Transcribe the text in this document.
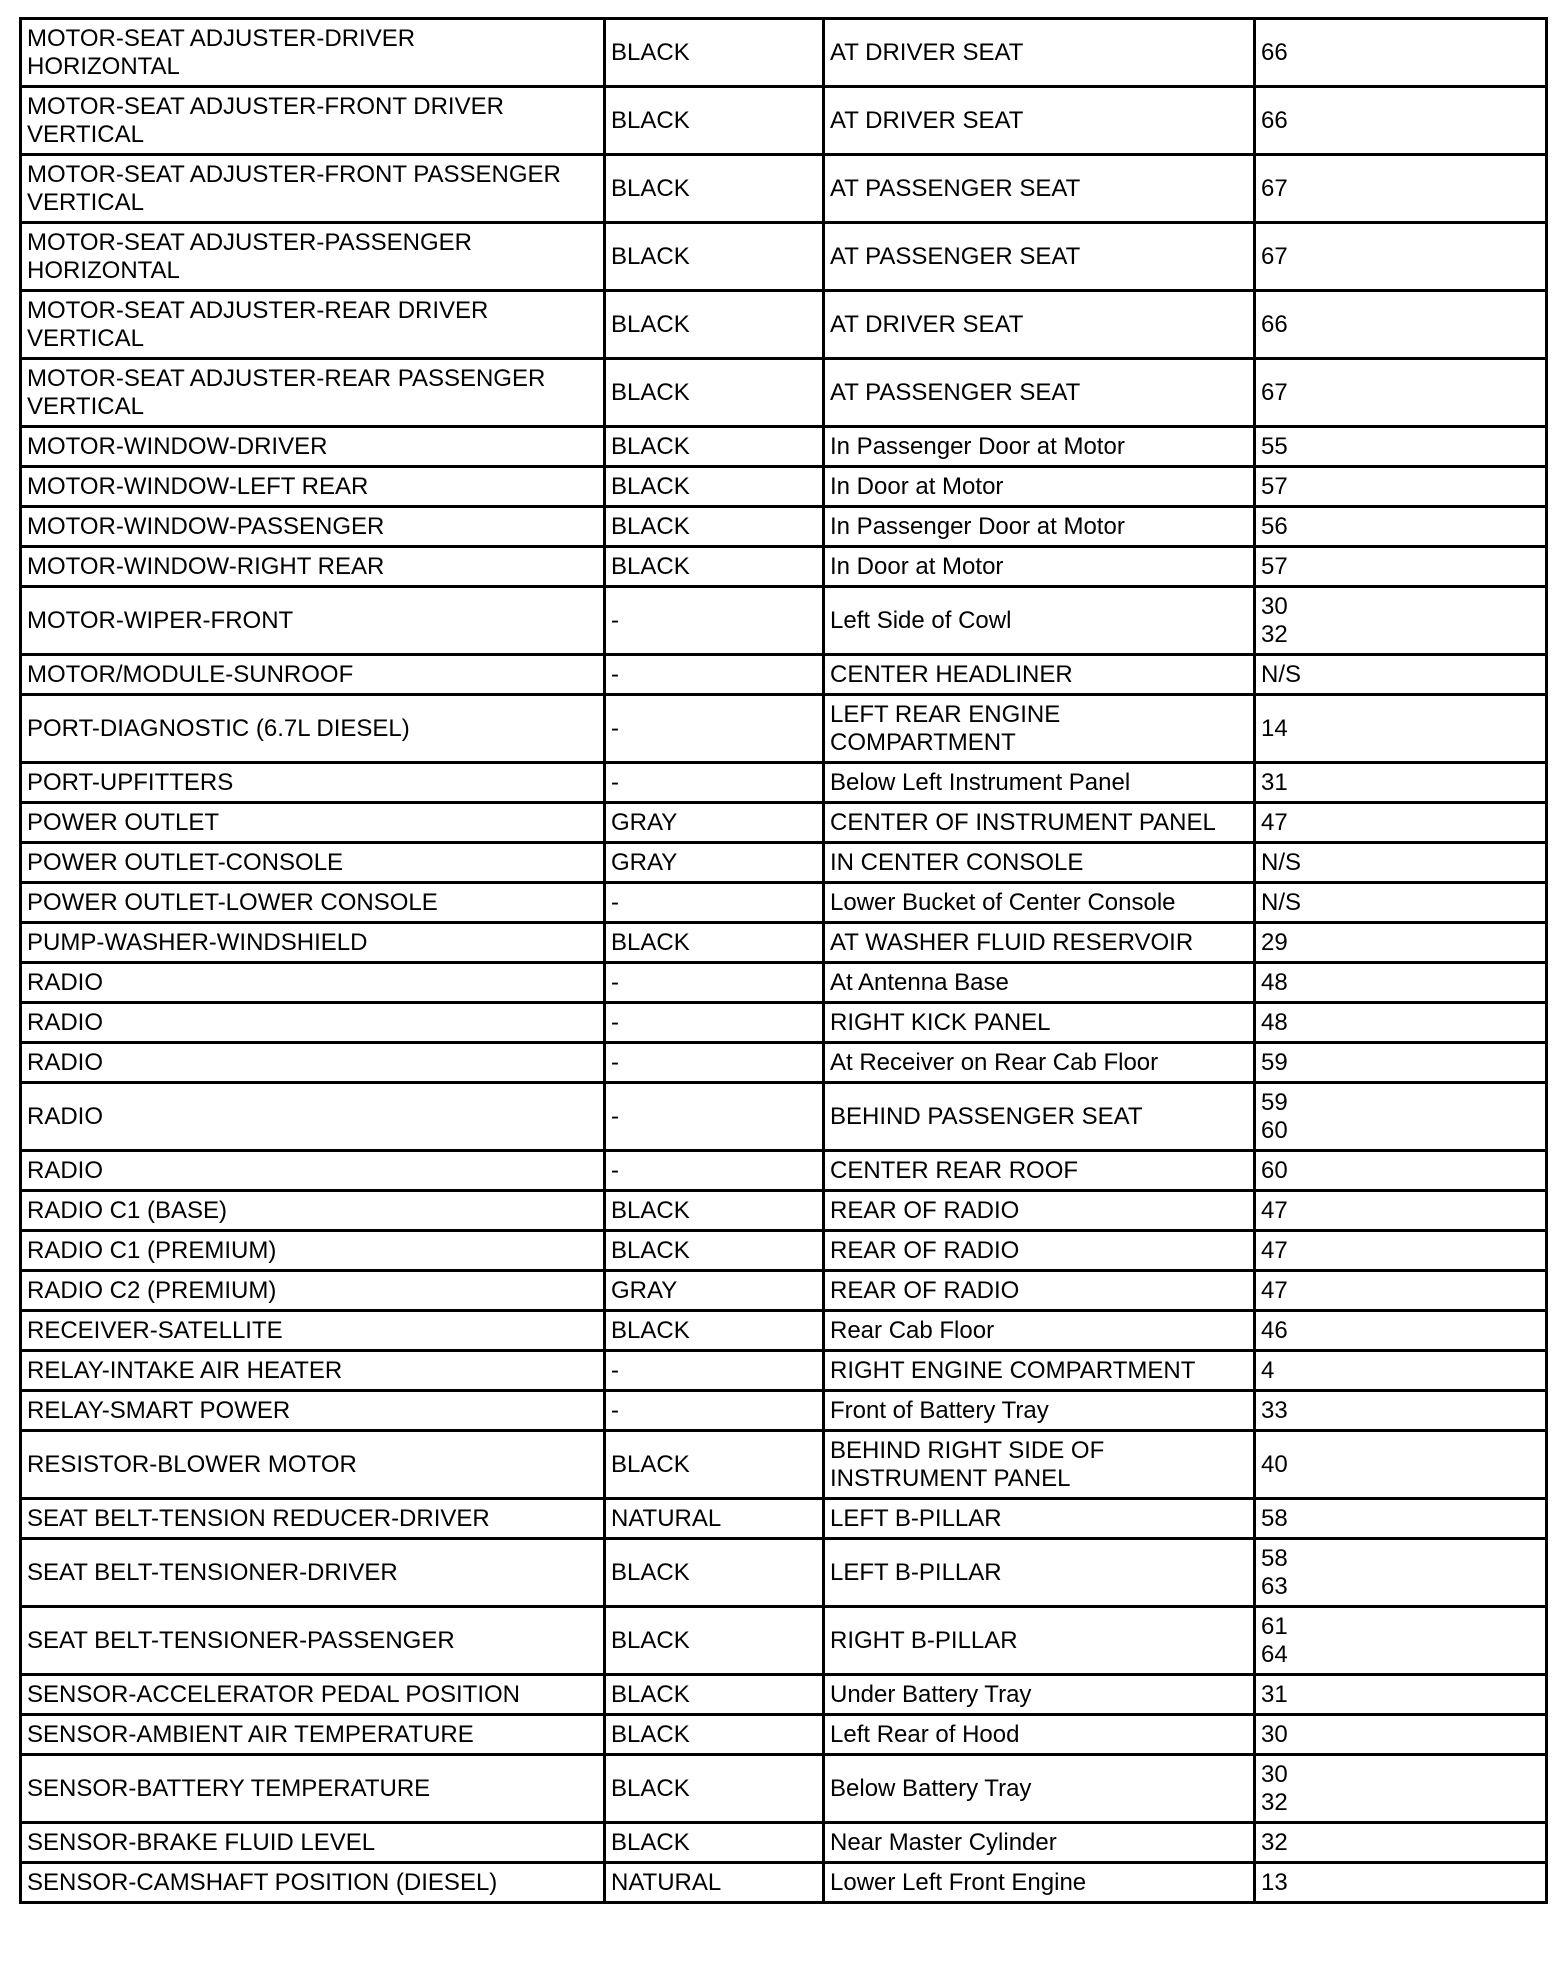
MOTOR-SEAT ADJUSTER-DRIVER
HORIZONTAL	BLACK	AT DRIVER SEAT	66
MOTOR-SEAT ADJUSTER-FRONT DRIVER
VERTICAL	BLACK	AT DRIVER SEAT	66
MOTOR-SEAT ADJUSTER-FRONT PASSENGER
VERTICAL	BLACK	AT PASSENGER SEAT	67
MOTOR-SEAT ADJUSTER-PASSENGER
HORIZONTAL	BLACK	AT PASSENGER SEAT	67
MOTOR-SEAT ADJUSTER-REAR DRIVER
VERTICAL	BLACK	AT DRIVER SEAT	66
MOTOR-SEAT ADJUSTER-REAR PASSENGER
VERTICAL	BLACK	AT PASSENGER SEAT	67
MOTOR-WINDOW-DRIVER	BLACK	In Passenger Door at Motor	55
MOTOR-WINDOW-LEFT REAR	BLACK	In Door at Motor	57
MOTOR-WINDOW-PASSENGER	BLACK	In Passenger Door at Motor	56
MOTOR-WINDOW-RIGHT REAR	BLACK	In Door at Motor	57
MOTOR-WIPER-FRONT	-	Left Side of Cowl	30
32
MOTOR/MODULE-SUNROOF	-	CENTER HEADLINER	N/S
PORT-DIAGNOSTIC (6.7L DIESEL)	-	LEFT REAR ENGINE
COMPARTMENT	14
PORT-UPFITTERS	-	Below Left Instrument Panel	31
POWER OUTLET	GRAY	CENTER OF INSTRUMENT PANEL	47
POWER OUTLET-CONSOLE	GRAY	IN CENTER CONSOLE	N/S
POWER OUTLET-LOWER CONSOLE	-	Lower Bucket of Center Console	N/S
PUMP-WASHER-WINDSHIELD	BLACK	AT WASHER FLUID RESERVOIR	29
RADIO	-	At Antenna Base	48
RADIO	-	RIGHT KICK PANEL	48
RADIO	-	At Receiver on Rear Cab Floor	59
RADIO	-	BEHIND PASSENGER SEAT	59
60
RADIO	-	CENTER REAR ROOF	60
RADIO C1 (BASE)	BLACK	REAR OF RADIO	47
RADIO C1 (PREMIUM)	BLACK	REAR OF RADIO	47
RADIO C2 (PREMIUM)	GRAY	REAR OF RADIO	47
RECEIVER-SATELLITE	BLACK	Rear Cab Floor	46
RELAY-INTAKE AIR HEATER	-	RIGHT ENGINE COMPARTMENT	4
RELAY-SMART POWER	-	Front of Battery Tray	33
RESISTOR-BLOWER MOTOR	BLACK	BEHIND RIGHT SIDE OF
INSTRUMENT PANEL	40
SEAT BELT-TENSION REDUCER-DRIVER	NATURAL	LEFT B-PILLAR	58
SEAT BELT-TENSIONER-DRIVER	BLACK	LEFT B-PILLAR	58
63
SEAT BELT-TENSIONER-PASSENGER	BLACK	RIGHT B-PILLAR	61
64
SENSOR-ACCELERATOR PEDAL POSITION	BLACK	Under Battery Tray	31
SENSOR-AMBIENT AIR TEMPERATURE	BLACK	Left Rear of Hood	30
SENSOR-BATTERY TEMPERATURE	BLACK	Below Battery Tray	30
32
SENSOR-BRAKE FLUID LEVEL	BLACK	Near Master Cylinder	32
SENSOR-CAMSHAFT POSITION (DIESEL)	NATURAL	Lower Left Front Engine	13
